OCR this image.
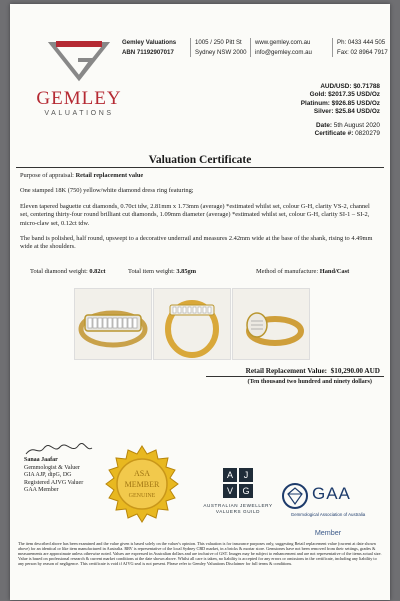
GEMLEY
VALUATIONS
Gemley Valuations
ABN 71192907017
1005 / 250 Pitt St
Sydney NSW 2000
www.gemley.com.au
info@gemley.com.au
Ph: 0433 444 505
Fax: 02 8964 7917
AUD/USD: $0.71788
Gold: $2017.35 USD/Oz
Platinum: $926.85 USD/Oz
Silver: $25.84 USD/Oz
Date: 5th August 2020
Certificate #: 0820279
Valuation Certificate

Purpose of appraisal: Retail replacement value

One stamped 18K (750) yellow/white diamond dress ring featuring;

Eleven tapered baguette cut diamonds, 0.70ct tdw, 2.81mm x 1.73mm (average) *estimated whilst set, colour G-H, clarity VS-2, channel set, centering thirty-four round brilliant cut diamonds, 1.09mm diameter (average) *estimated whilst set, colour G-H, clarity SI-1 – SI-2, micro-claw set, 0.12ct tdw.

The band is polished, half round, upswept to a decorative underrail and measures 2.42mm wide at the base of the shank, rising to 4.49mm wide at the shoulders.

Total diamond weight: 0.82ct	Total item weight: 3.85gm	Method of manufacture: Hand/Cast
Retail Replacement Value: $10,290.00 AUD
(Ten thousand two hundred and ninety dollars)
ASA
MEMBER
GENUINE
Sanaa Jaafar
Gemmologist & Valuer
GIA AJP, dipG, DG
Registered AJVG Valuer
GAA Member
A	J
V	G
AUSTRALIAN JEWELLERY
VALUERS GUILD
GAA
Gemmological Association of Australia
Member
The item described above has been examined and the value given is based solely on the valuer's opinion. This valuation is for insurance purposes only, suggesting Retail replacement value (current at date shown above) for an identical or like item manufactured in Australia. RRV is representative of the local Sydney CBD market, in a bricks & mortar store. Gemstones have not been removed from their settings, grades & measurements are approximate unless otherwise noted. Values are expressed in Australian dollars and are inclusive of GST. Images may be subject to enhancement and are not representative of the items actual size. Value is based on professional research & current market conditions at the date shown above. Whilst all care is taken, no liability is accepted for any errors or omissions in the certificate, including any liability to any person by reason of negligence. This certificate is void if AJVG seal is not present. Please refer to Gemley Valuations Disclaimer for full terms & conditions.
